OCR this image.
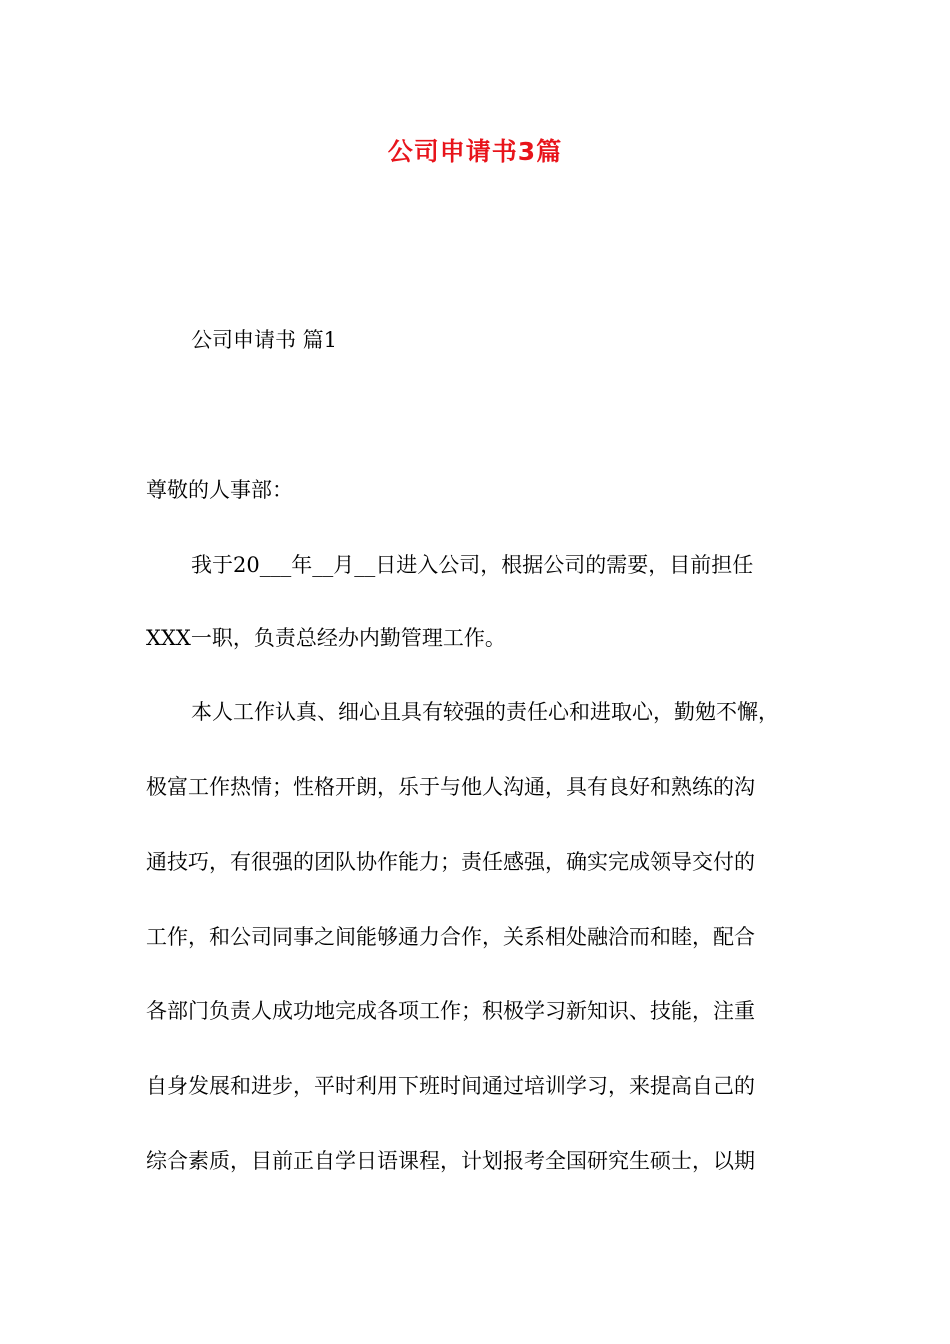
公司申请书3篇
公司申请书 篇1
尊敬的人事部：
我于20___年__月__日进入公司，根据公司的需要，目前担任
XXX一职，负责总经办内勤管理工作。
本人工作认真、细心且具有较强的责任心和进取心，勤勉不懈，
极富工作热情；性格开朗，乐于与他人沟通，具有良好和熟练的沟
通技巧，有很强的团队协作能力；责任感强，确实完成领导交付的
工作，和公司同事之间能够通力合作，关系相处融洽而和睦，配合
各部门负责人成功地完成各项工作；积极学习新知识、技能，注重
自身发展和进步，平时利用下班时间通过培训学习，来提高自己的
综合素质，目前正自学日语课程，计划报考全国研究生硕士，以期
